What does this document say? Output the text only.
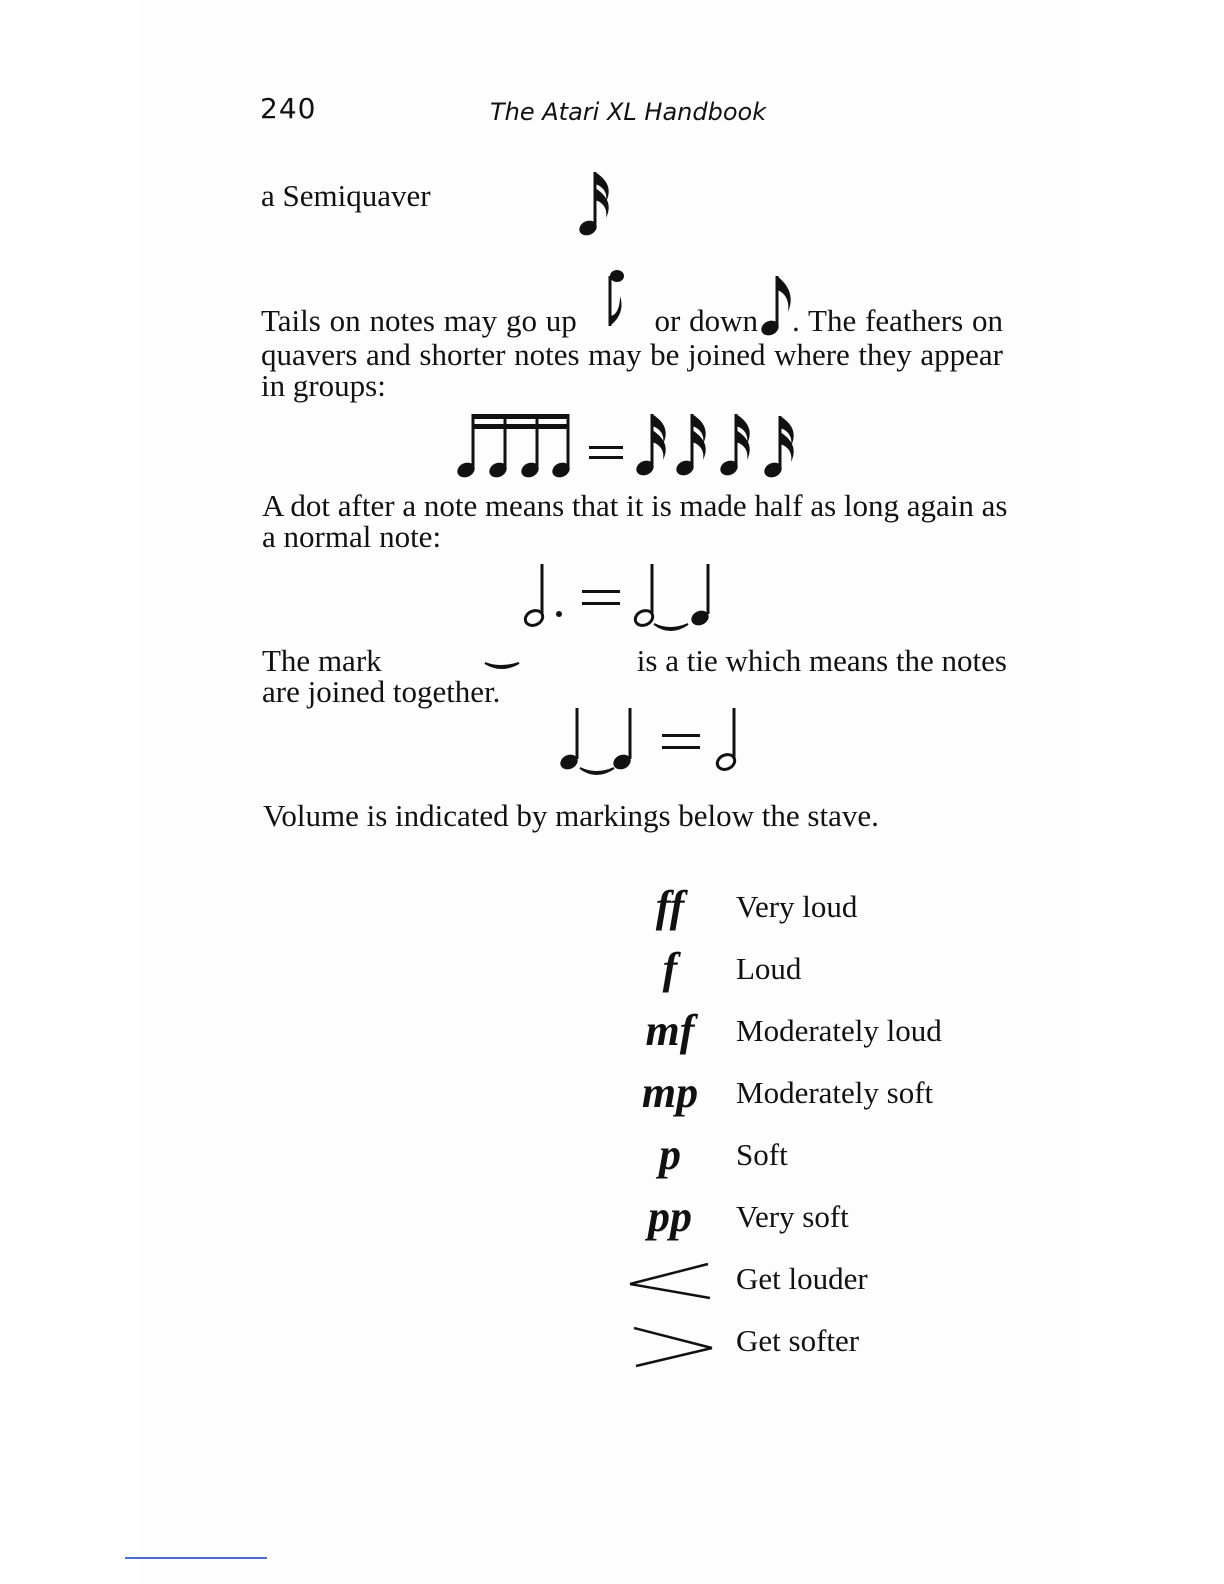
240	The Atari XL Handbook
a Semiquaver
Tails on notes may go up	or down . The feathers on quavers and shorter notes may be joined where they appear in groups:
A dot after a note means that it is made half as long again as a normal note:
The mark	is a tie which means the notes
are joined together.
Volume is indicated by markings below the stave.
ff	Very loud
f	Loud
mf	Moderately loud
mp	Moderately soft
p	Soft
pp	Very soft
Get louder
Get softer
